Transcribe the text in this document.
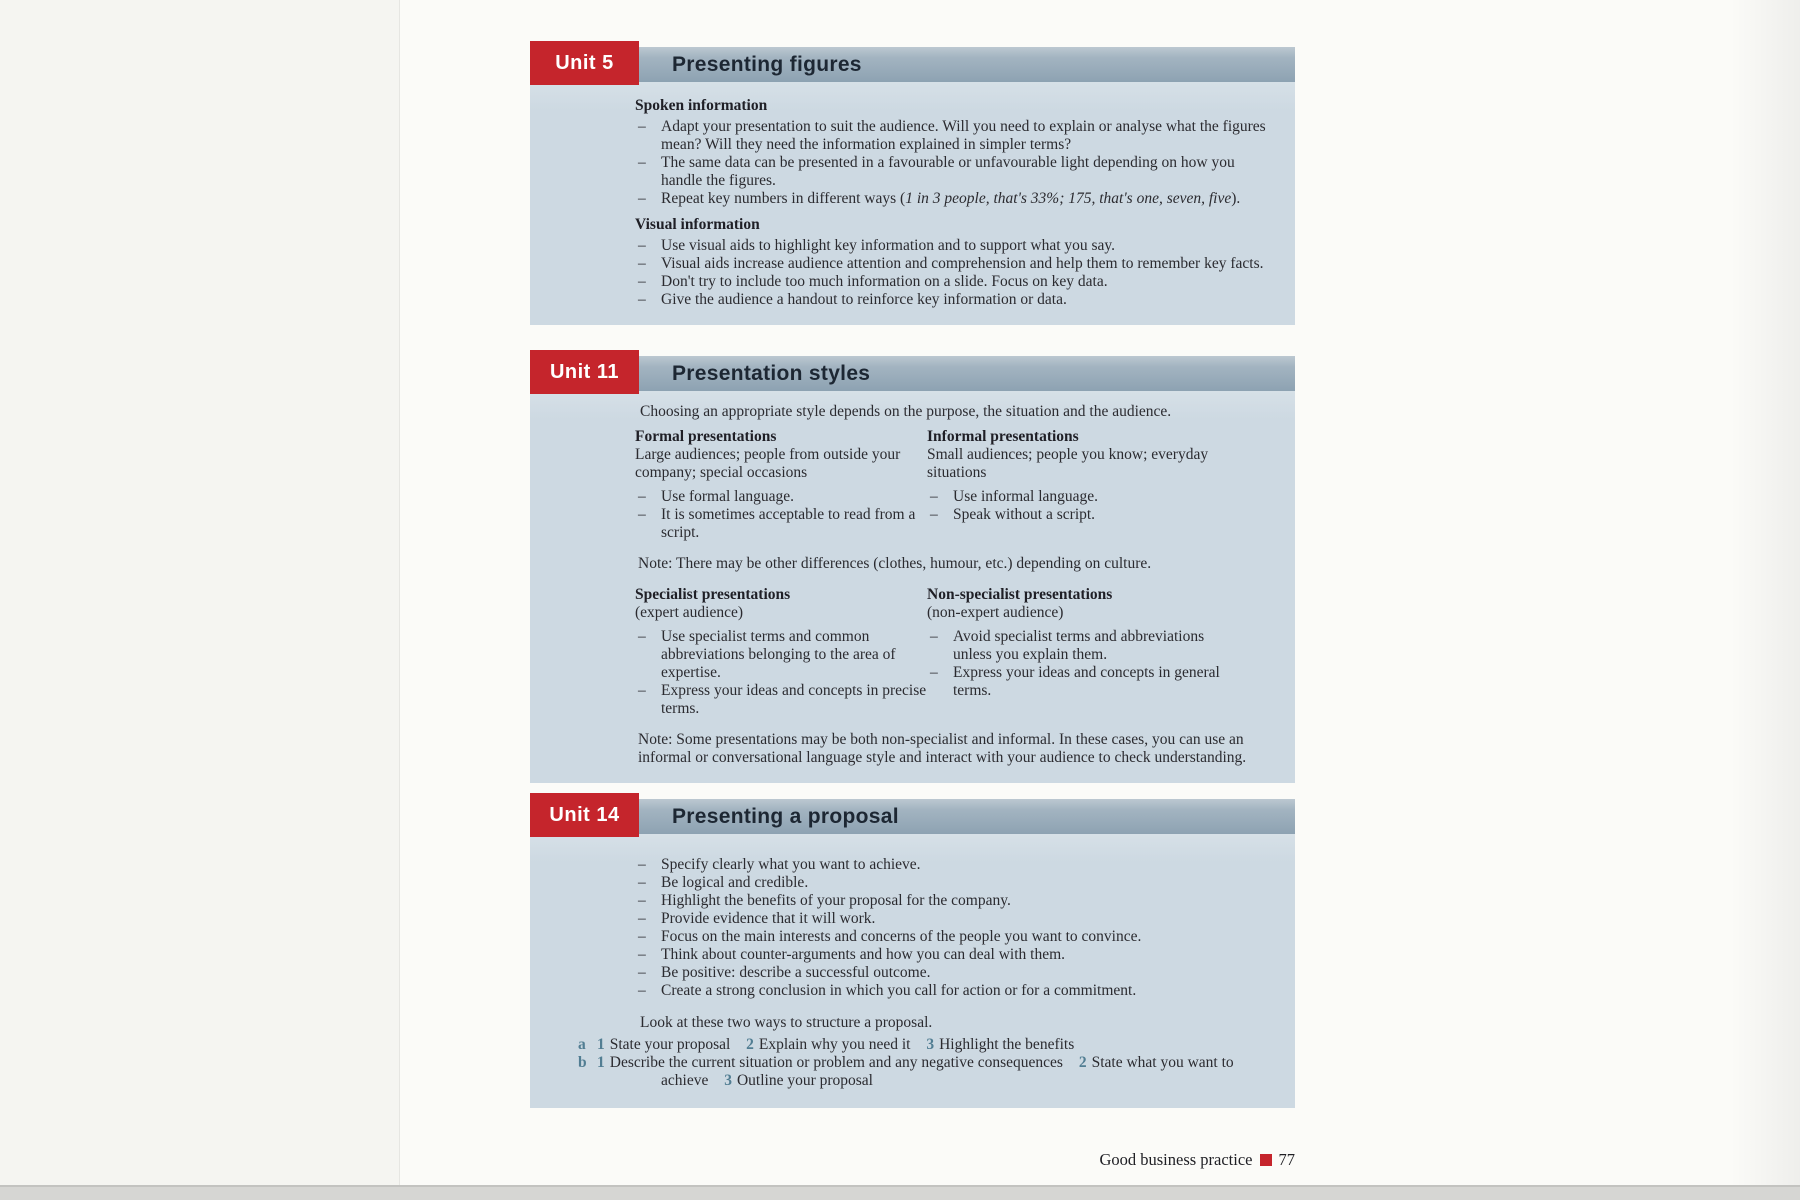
Unit 5	Presenting figures
Spoken information
– Adapt your presentation to suit the audience. Will you need to explain or analyse what the figures mean? Will they need the information explained in simpler terms?
– The same data can be presented in a favourable or unfavourable light depending on how you handle the figures.
– Repeat key numbers in different ways (1 in 3 people, that's 33%; 175, that's one, seven, five).
Visual information
– Use visual aids to highlight key information and to support what you say.
– Visual aids increase audience attention and comprehension and help them to remember key facts.
– Don't try to include too much information on a slide. Focus on key data.
– Give the audience a handout to reinforce key information or data.
Unit 11	Presentation styles

Choosing an appropriate style depends on the purpose, the situation and the audience.

Formal presentations
Large audiences; people from outside your company; special occasions
– Use formal language.
– It is sometimes acceptable to read from a script.
Informal presentations
Small audiences; people you know; everyday situations
– Use informal language.
– Speak without a script.

Note: There may be other differences (clothes, humour, etc.) depending on culture.

Specialist presentations
(expert audience)
– Use specialist terms and common abbreviations belonging to the area of expertise.
– Express your ideas and concepts in precise terms.
Non-specialist presentations
(non-expert audience)
– Avoid specialist terms and abbreviations unless you explain them.
– Express your ideas and concepts in general terms.

Note: Some presentations may be both non-specialist and informal. In these cases, you can use an informal or conversational language style and interact with your audience to check understanding.

Unit 14	Presenting a proposal
– Specify clearly what you want to achieve.
– Be logical and credible.
– Highlight the benefits of your proposal for the company.
– Provide evidence that it will work.
– Focus on the main interests and concerns of the people you want to convince.
– Think about counter-arguments and how you can deal with them.
– Be positive: describe a successful outcome.
– Create a strong conclusion in which you call for action or for a commitment.

Look at these two ways to structure a proposal.

a 1 State your proposal 2 Explain why you need it 3 Highlight the benefits
b 1 Describe the current situation or problem and any negative consequences 2 State what you want to achieve 3 Outline your proposal
Good business practice 77
